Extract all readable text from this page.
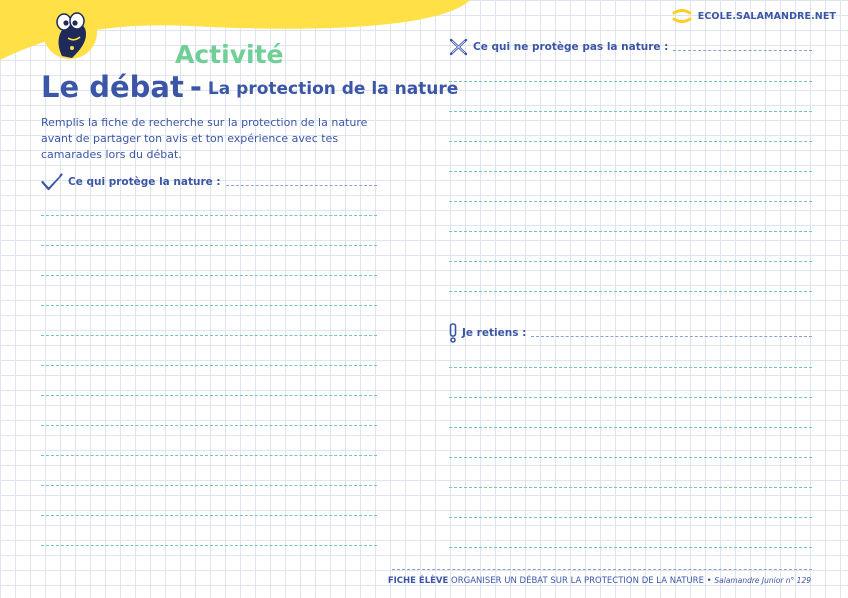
ECOLE.SALAMANDRE.NET
Activité
Le débat - La protection de la nature
Remplis la fiche de recherche sur la protection de la nature avant de partager ton avis et ton expérience avec tes camarades lors du débat.
Ce qui protège la nature :
Ce qui ne protège pas la nature :
Je retiens :
FICHE ÉLÈVE ORGANISER UN DÉBAT SUR LA PROTECTION DE LA NATURE • Salamandre Junior n° 129
